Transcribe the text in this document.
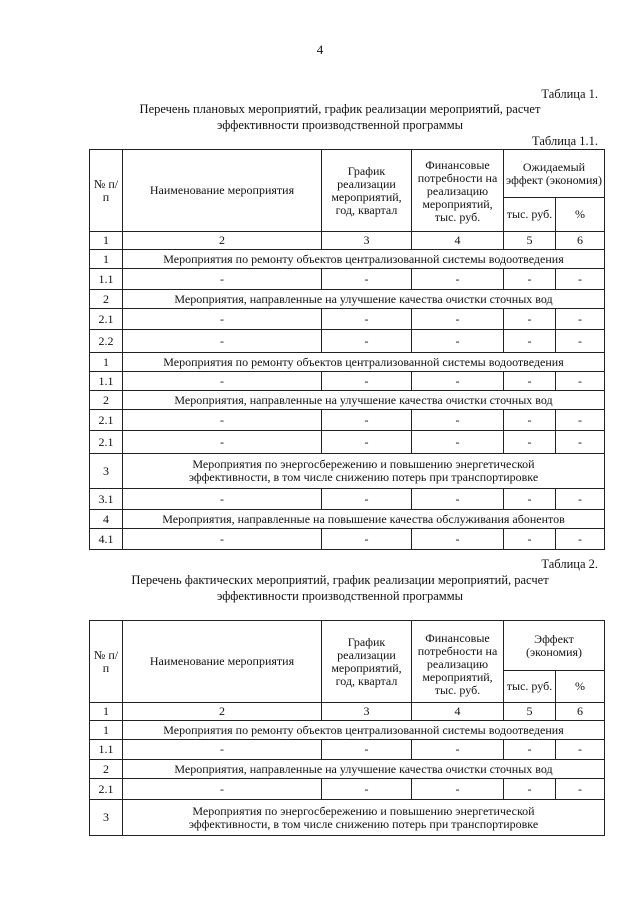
4
Таблица 1.
Перечень плановых мероприятий, график реализации мероприятий, расчет
эффективности производственной программы
Таблица 1.1.
№ п/ п	Наименование мероприятия	График реализации мероприятий, год, квартал	Финансовые потребности на реализацию	Ожидаемый эффект (экономия)	
			мероприятий, тыс. руб.	тыс. руб.	%
1	2	3	4	5	6
1	Мероприятия по ремонту объектов централизованной системы водоотведения				
1.1	-	-	-	-	-
2	Мероприятия, направленные на улучшение качества очистки сточных вод				
2.1	-	-	-	-	-
2.2	-	-	-	-	-
1	Мероприятия по ремонту объектов централизованной системы водоотведения				
1.1	-	-	-	-	-
2	Мероприятия, направленные на улучшение качества очистки сточных вод				
2.1	-	-	-	-	-
2.1	-	-	-	-	-
3	Мероприятия по энергосбережению и повышению энергетической
эффективности, в том числе снижению потерь при транспортировке				

3.1	-	-	-	-	-
4	Мероприятия, направленные на повышение качества обслуживания абонентов				
4.1	-	-	-	-	-
Таблица 2.
Перечень фактических мероприятий, график реализации мероприятий, расчет
эффективности производственной программы
№ п/ п	Наименование мероприятия	График реализации мероприятий, год, квартал	Финансовые потребности на реализацию	Эффект (экономия)	
			мероприятий, тыс. руб.	тыс. руб.	%
1	2	3	4	5	6
1	Мероприятия по ремонту объектов централизованной системы водоотведения				
1.1	-	-	-	-	-
2	Мероприятия, направленные на улучшение качества очистки сточных вод				
2.1	-	-	-	-	-
3	Мероприятия по энергосбережению и повышению энергетической
эффективности, в том числе снижению потерь при транспортировке				
